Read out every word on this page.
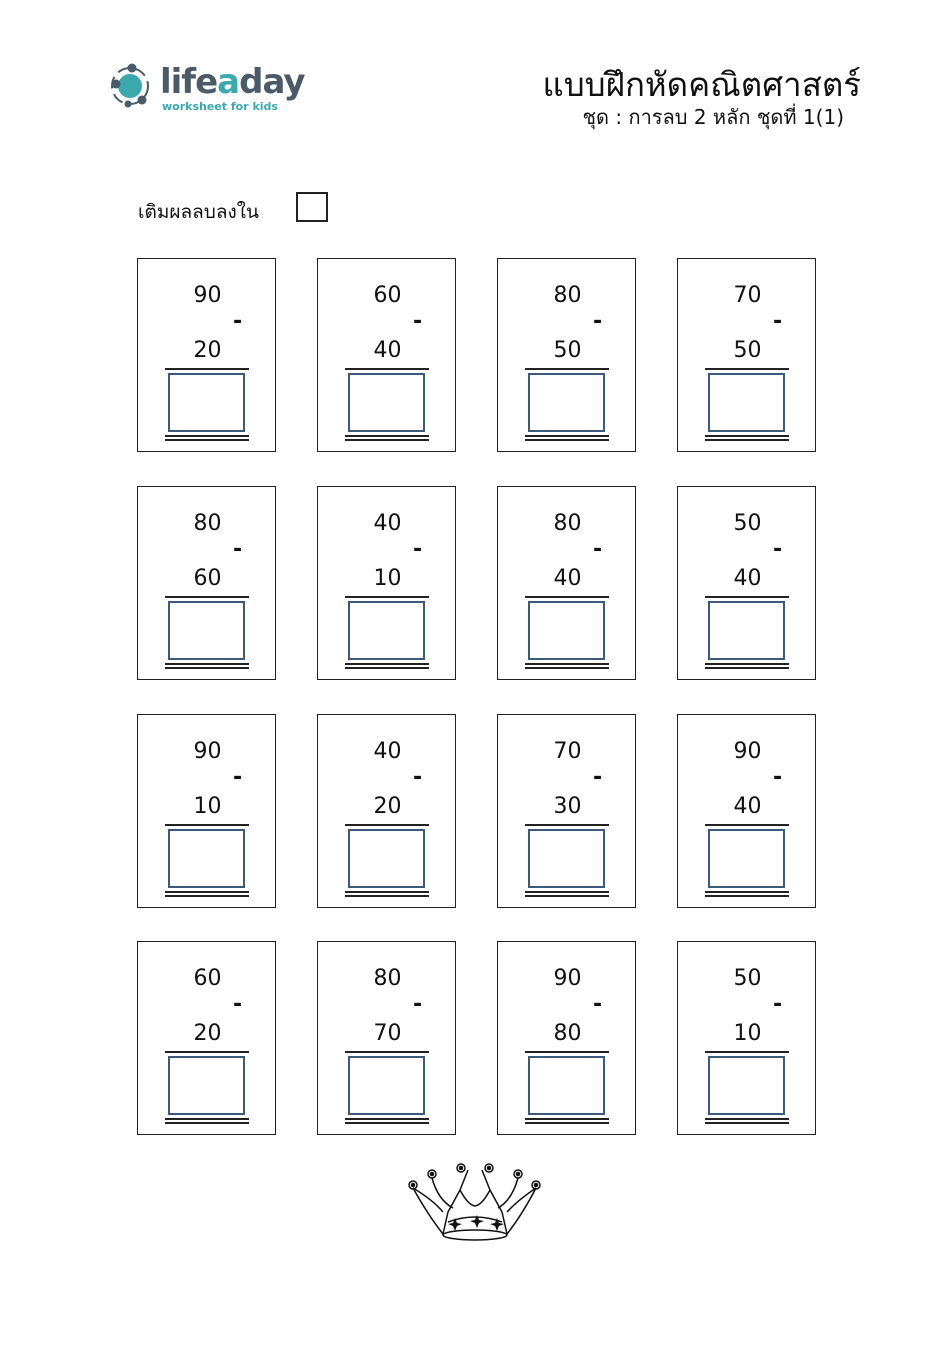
lifeaday
worksheet for kids
แบบฝึกหัดคณิตศาสตร์
ชุด : การลบ 2 หลัก ชุดที่ 1(1)
เติมผลลบลงใน
90
-
20
60
-
40
80
-
50
70
-
50
80
-
60
40
-
10
80
-
40
50
-
40
90
-
10
40
-
20
70
-
30
90
-
40
60
-
20
80
-
70
90
-
80
50
-
10
